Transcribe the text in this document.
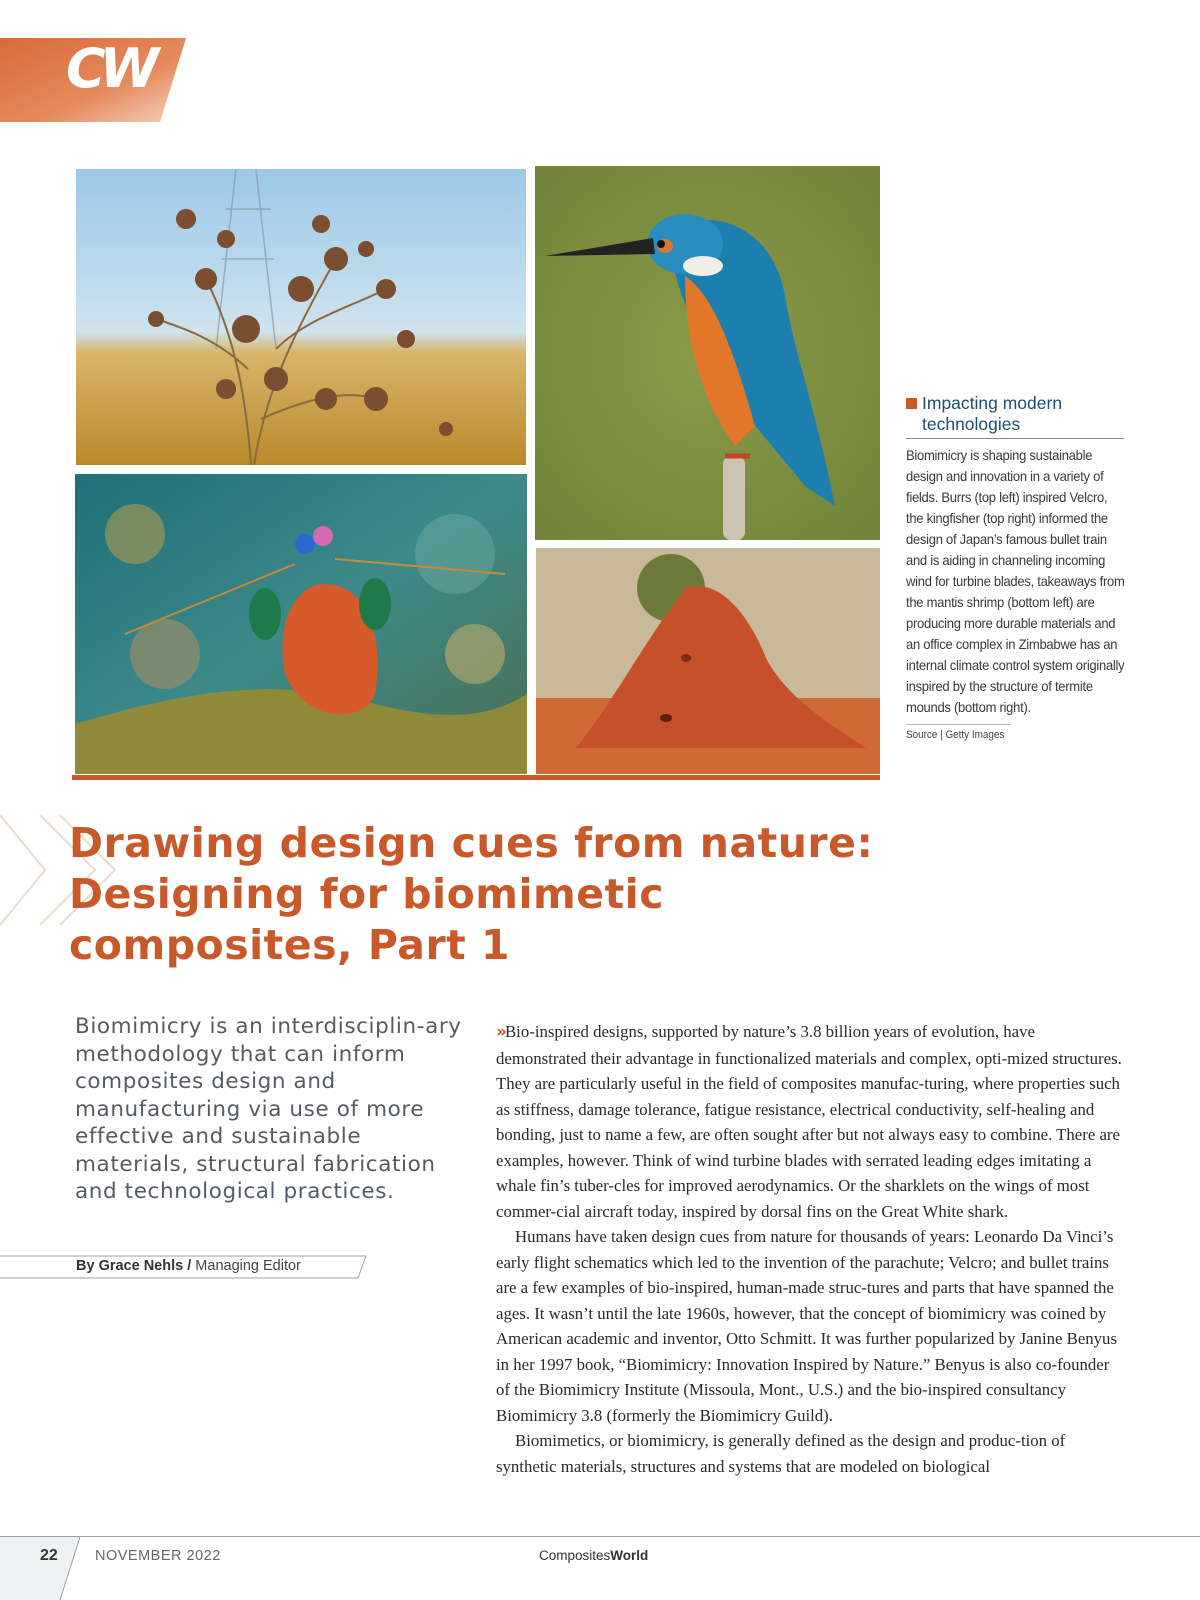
CW
Impacting modern technologies
Biomimicry is shaping sustainable design and innovation in a variety of fields. Burrs (top left) inspired Velcro, the kingfisher (top right) informed the design of Japan’s famous bullet train and is aiding in channeling incoming wind for turbine blades, takeaways from the mantis shrimp (bottom left) are producing more durable materials and an office complex in Zimbabwe has an internal climate control system originally inspired by the structure of termite mounds (bottom right).
Source | Getty Images
Drawing design cues from nature: Designing for biomimetic composites, Part 1
Biomimicry is an interdisciplin-ary methodology that can inform composites design and manufacturing via use of more effective and sustainable materials, structural fabrication and technological practices.
By Grace Nehls / Managing Editor

»Bio-inspired designs, supported by nature’s 3.8 billion years of evolution, have demonstrated their advantage in functionalized materials and complex, opti-mized structures. They are particularly useful in the field of composites manufac-turing, where properties such as stiffness, damage tolerance, fatigue resistance, electrical conductivity, self-healing and bonding, just to name a few, are often sought after but not always easy to combine. There are examples, however. Think of wind turbine blades with serrated leading edges imitating a whale fin’s tuber-cles for improved aerodynamics. Or the sharklets on the wings of most commer-cial aircraft today, inspired by dorsal fins on the Great White shark.

Humans have taken design cues from nature for thousands of years: Leonardo Da Vinci’s early flight schematics which led to the invention of the parachute; Velcro; and bullet trains are a few examples of bio-inspired, human-made struc-tures and parts that have spanned the ages. It wasn’t until the late 1960s, however, that the concept of biomimicry was coined by American academic and inventor, Otto Schmitt. It was further popularized by Janine Benyus in her 1997 book, “Biomimicry: Innovation Inspired by Nature.” Benyus is also co-founder of the Biomimicry Institute (Missoula, Mont., U.S.) and the bio-inspired consultancy Biomimicry 3.8 (formerly the Biomimicry Guild).

Biomimetics, or biomimicry, is generally defined as the design and produc-tion of synthetic materials, structures and systems that are modeled on biological

22	NOVEMBER 2022	CompositesWorld
